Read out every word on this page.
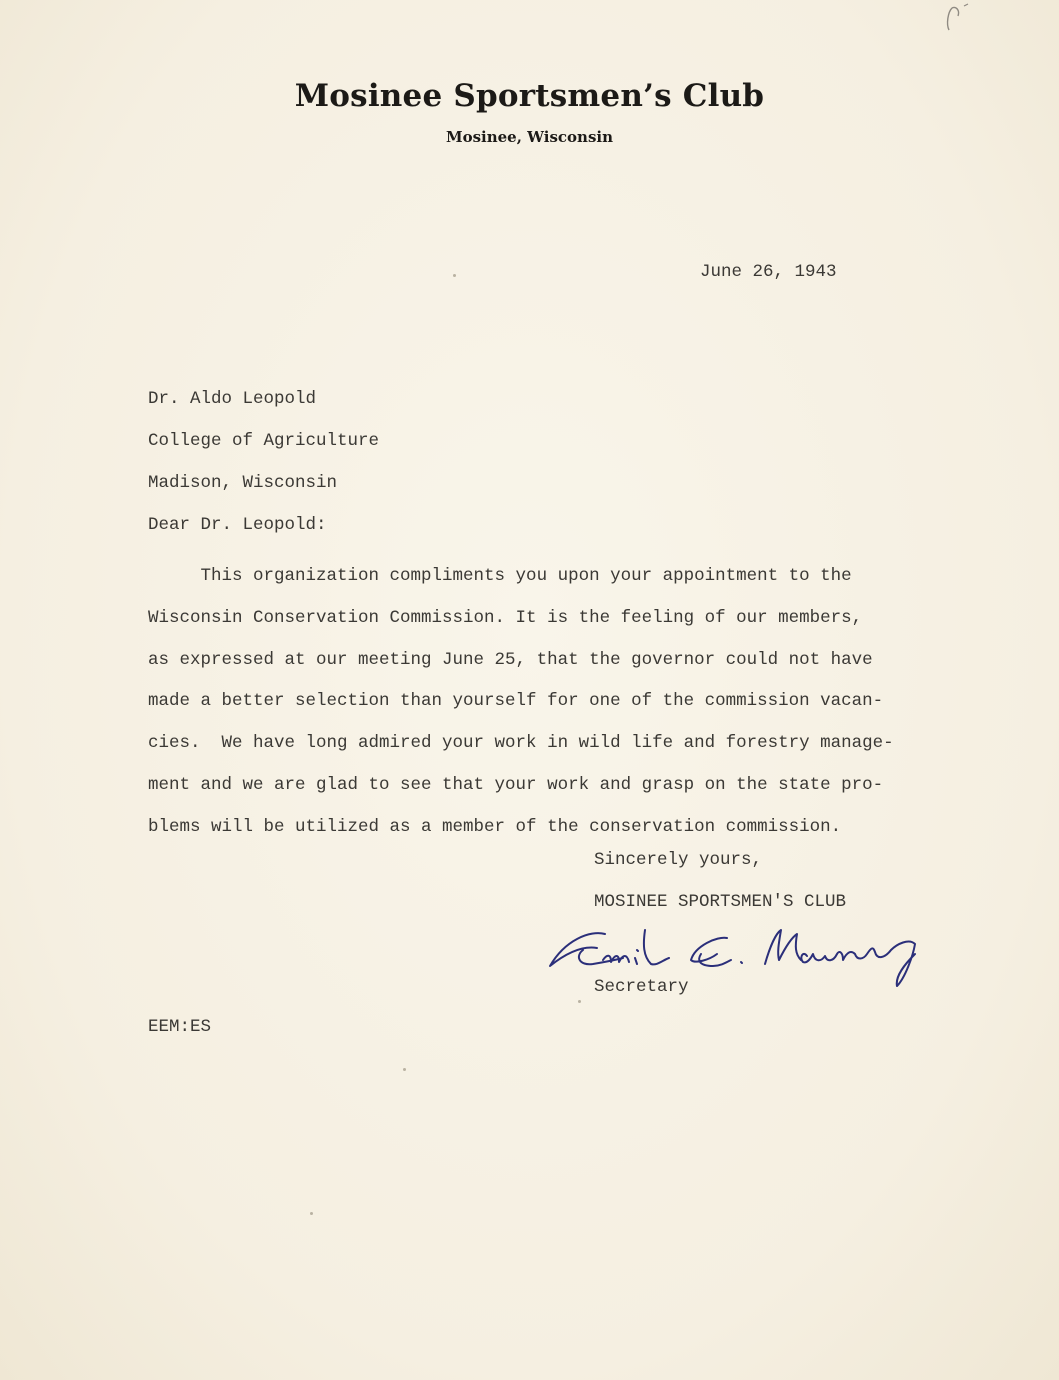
Mosinee Sportsmen’s Club
Mosinee, Wisconsin
June 26, 1943
Dr. Aldo Leopold
College of Agriculture
Madison, Wisconsin
Dear Dr. Leopold:
This organization compliments you upon your appointment to the
Wisconsin Conservation Commission. It is the feeling of our members,
as expressed at our meeting June 25, that the governor could not have
made a better selection than yourself for one of the commission vacan-
cies.  We have long admired your work in wild life and forestry manage-
ment and we are glad to see that your work and grasp on the state pro-
blems will be utilized as a member of the conservation commission.
Sincerely yours,
MOSINEE SPORTSMEN'S CLUB
Secretary
EEM:ES
